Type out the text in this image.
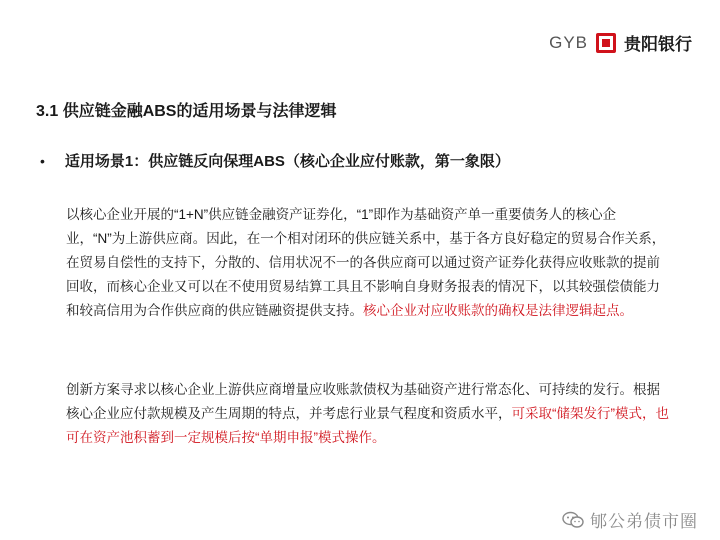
GYB 贵阳银行
3.1 供应链金融ABS的适用场景与法律逻辑
• 适用场景1：供应链反向保理ABS（核心企业应付账款，第一象限）

以核心企业开展的“1+N”供应链金融资产证券化，“1”即作为基础资产单一重要债务人的核心企业，“N”为上游供应商。因此，在一个相对闭环的供应链关系中，基于各方良好稳定的贸易合作关系，在贸易自偿性的支持下，分散的、信用状况不一的各供应商可以通过资产证券化获得应收账款的提前回收，而核心企业又可以在不使用贸易结算工具且不影响自身财务报表的情况下，以其较强偿债能力和较高信用为合作供应商的供应链融资提供支持。核心企业对应收账款的确权是法律逻辑起点。

创新方案寻求以核心企业上游供应商增量应收账款债权为基础资产进行常态化、可持续的发行。根据核心企业应付款规模及产生周期的特点，并考虑行业景气程度和资质水平，可采取“储架发行”模式，也可在资产池积蓄到一定规模后按“单期申报”模式操作。

郇公弟债市圈
